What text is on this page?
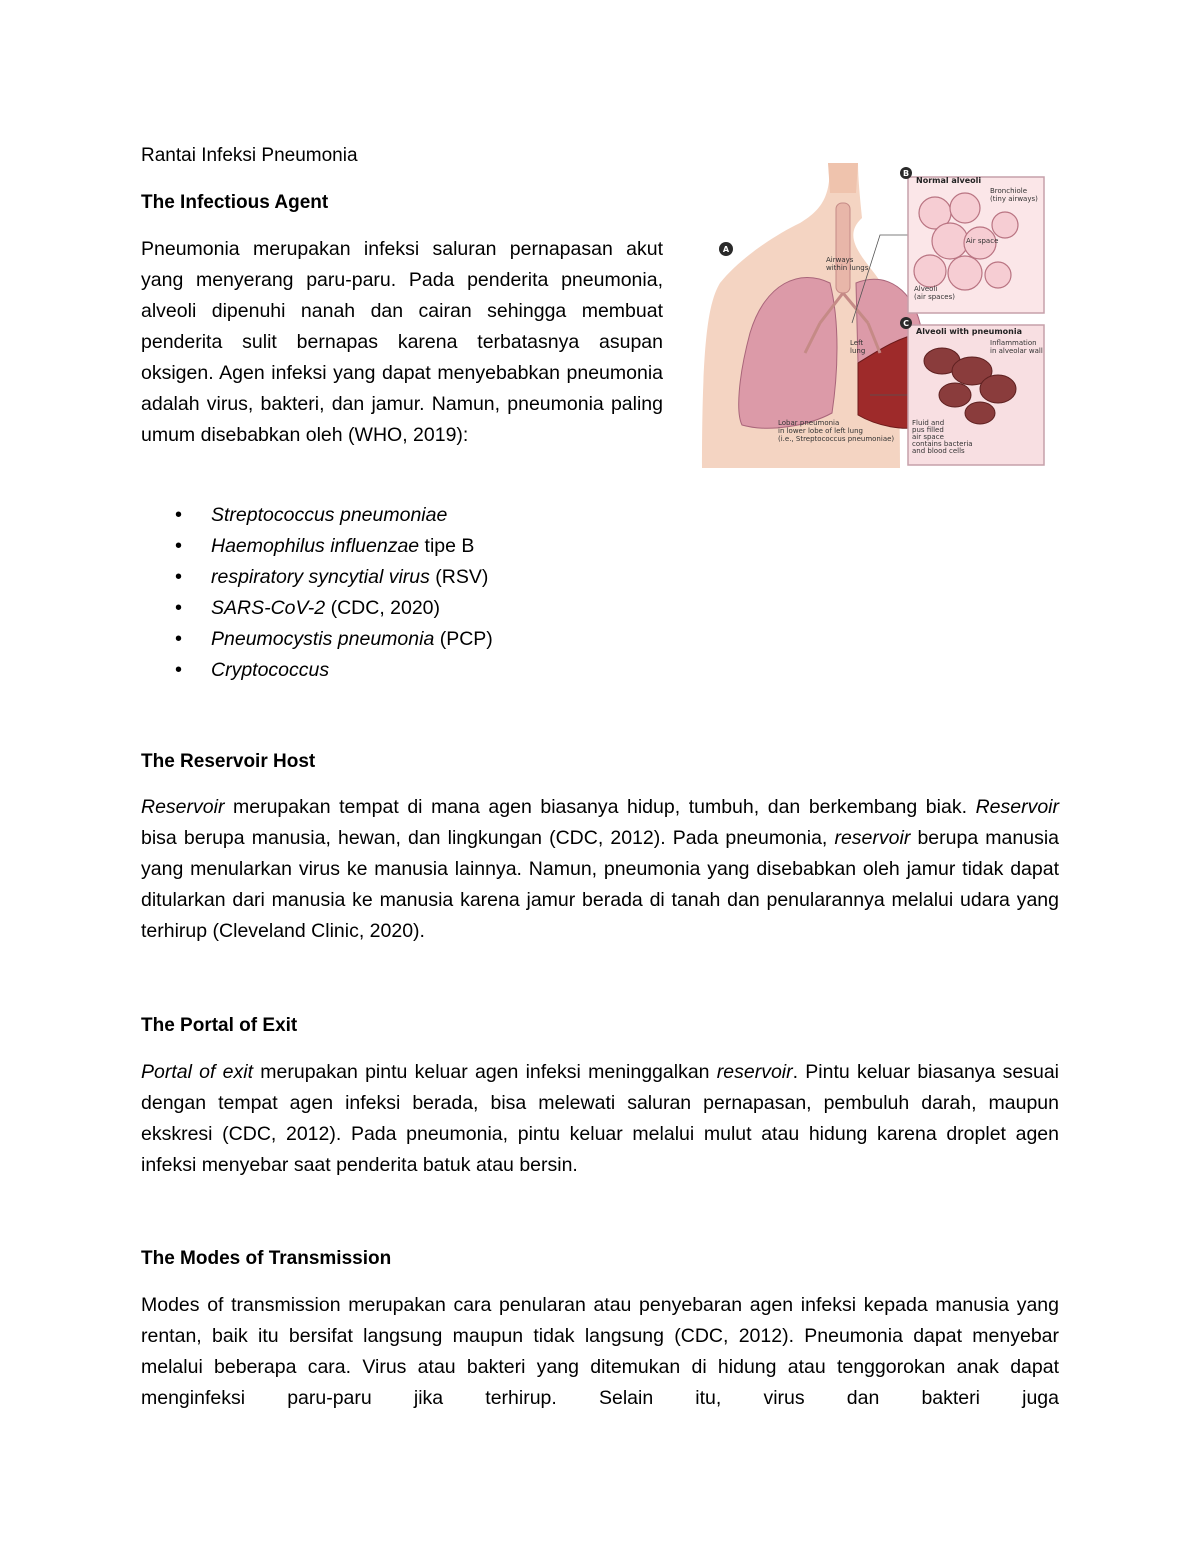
Rantai Infeksi Pneumonia
The Infectious Agent

Pneumonia merupakan infeksi saluran pernapasan akut yang menyerang paru-paru. Pada penderita pneumonia, alveoli dipenuhi nanah dan cairan sehingga membuat penderita sulit bernapas karena terbatasnya asupan oksigen. Agen infeksi yang dapat menyebabkan pneumonia adalah virus, bakteri, dan jamur. Namun, pneumonia paling umum disebabkan oleh (WHO, 2019):

• Streptococcus pneumoniae
• Haemophilus influenzae tipe B
• respiratory syncytial virus (RSV)
• SARS-CoV-2 (CDC, 2020)
• Pneumocystis pneumonia (PCP)
• Cryptococcus
A
Airways
within lungs
Left
lung
Lobar pneumonia
in lower lobe of left lung
(i.e., Streptococcus pneumoniae)
B
Normal alveoli
Bronchiole
(tiny airways)
Air space
Alveoli
(air spaces)
C
Alveoli with pneumonia
Inflammation
in alveolar wall
Fluid and
pus filled
air space
contains bacteria
and blood cells
The Reservoir Host

Reservoir merupakan tempat di mana agen biasanya hidup, tumbuh, dan berkembang biak. Reservoir bisa berupa manusia, hewan, dan lingkungan (CDC, 2012). Pada pneumonia, reservoir berupa manusia yang menularkan virus ke manusia lainnya. Namun, pneumonia yang disebabkan oleh jamur tidak dapat ditularkan dari manusia ke manusia karena jamur berada di tanah dan penularannya melalui udara yang terhirup (Cleveland Clinic, 2020).

The Portal of Exit

Portal of exit merupakan pintu keluar agen infeksi meninggalkan reservoir. Pintu keluar biasanya sesuai dengan tempat agen infeksi berada, bisa melewati saluran pernapasan, pembuluh darah, maupun ekskresi (CDC, 2012). Pada pneumonia, pintu keluar melalui mulut atau hidung karena droplet agen infeksi menyebar saat penderita batuk atau bersin.

The Modes of Transmission

Modes of transmission merupakan cara penularan atau penyebaran agen infeksi kepada manusia yang rentan, baik itu bersifat langsung maupun tidak langsung (CDC, 2012). Pneumonia dapat menyebar melalui beberapa cara. Virus atau bakteri yang ditemukan di hidung atau tenggorokan anak dapat menginfeksi paru-paru jika terhirup. Selain itu, virus dan bakteri juga
